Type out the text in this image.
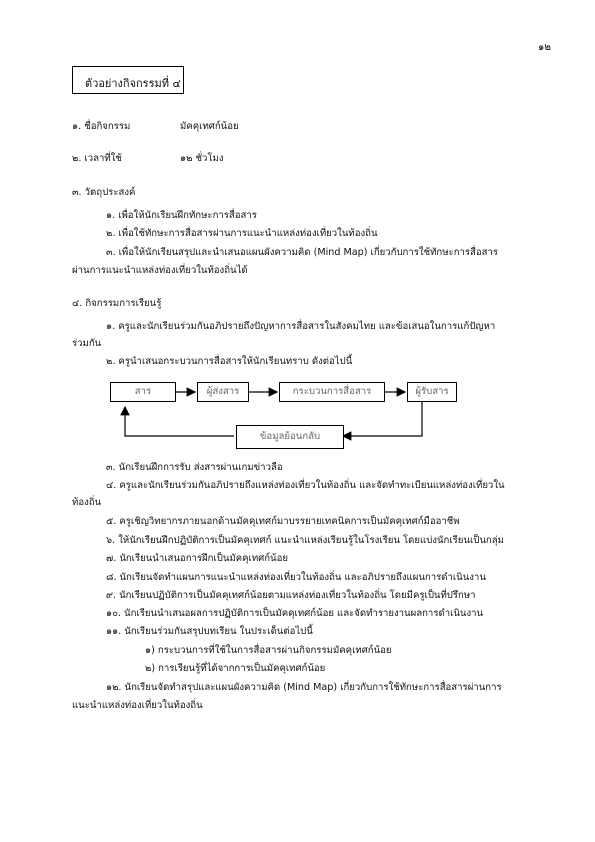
๑๒
ตัวอย่างกิจกรรมที่ ๔
๑. ชื่อกิจกรรม	มัคคุเทศก์น้อย
๒. เวลาที่ใช้	๑๒ ชั่วโมง
๓. วัตถุประสงค์
๑. เพื่อให้นักเรียนฝึกทักษะการสื่อสาร
๒. เพื่อใช้ทักษะการสื่อสารผ่านการแนะนำแหล่งท่องเที่ยวในท้องถิ่น
๓. เพื่อให้นักเรียนสรุปและนำเสนอแผนผังความคิด (Mind Map) เกี่ยวกับการใช้ทักษะการสื่อสาร
ผ่านการแนะนำแหล่งท่องเที่ยวในท้องถิ่นได้
๔. กิจกรรมการเรียนรู้
๑. ครูและนักเรียนร่วมกันอภิปรายถึงปัญหาการสื่อสารในสังคมไทย และข้อเสนอในการแก้ปัญหา
ร่วมกัน
๒. ครูนำเสนอกระบวนการสื่อสารให้นักเรียนทราบ ดังต่อไปนี้
สาร	ผู้ส่งสาร	กระบวนการสื่อสาร	ผู้รับสาร
ข้อมูลย้อนกลับ
๓. นักเรียนฝึกการรับ ส่งสารผ่านเกมข่าวลือ
๔. ครูและนักเรียนร่วมกันอภิปรายถึงแหล่งท่องเที่ยวในท้องถิ่น และจัดทำทะเบียนแหล่งท่องเที่ยวใน
ท้องถิ่น
๕. ครูเชิญวิทยากรภายนอกด้านมัคคุเทศก์มาบรรยายเทคนิคการเป็นมัคคุเทศก์มืออาชีพ
๖. ให้นักเรียนฝึกปฏิบัติการเป็นมัคคุเทศก์ แนะนำแหล่งเรียนรู้ในโรงเรียน โดยแบ่งนักเรียนเป็นกลุ่ม
๗. นักเรียนนำเสนอการฝึกเป็นมัคคุเทศก์น้อย
๘. นักเรียนจัดทำแผนการแนะนำแหล่งท่องเที่ยวในท้องถิ่น และอภิปรายถึงแผนการดำเนินงาน
๙. นักเรียนปฏิบัติการเป็นมัคคุเทศก์น้อยตามแหล่งท่องเที่ยวในท้องถิ่น โดยมีครูเป็นที่ปรึกษา
๑๐. นักเรียนนำเสนอผลการปฏิบัติการเป็นมัคคุเทศก์น้อย และจัดทำรายงานผลการดำเนินงาน
๑๑. นักเรียนร่วมกันสรุปบทเรียน ในประเด็นต่อไปนี้
๑) กระบวนการที่ใช้ในการสื่อสารผ่านกิจกรรมมัคคุเทศก์น้อย
๒) การเรียนรู้ที่ได้จากการเป็นมัคคุเทศก์น้อย
๑๒. นักเรียนจัดทำสรุปและแผนผังความคิด (Mind Map) เกี่ยวกับการใช้ทักษะการสื่อสารผ่านการ
แนะนำแหล่งท่องเที่ยวในท้องถิ่น
